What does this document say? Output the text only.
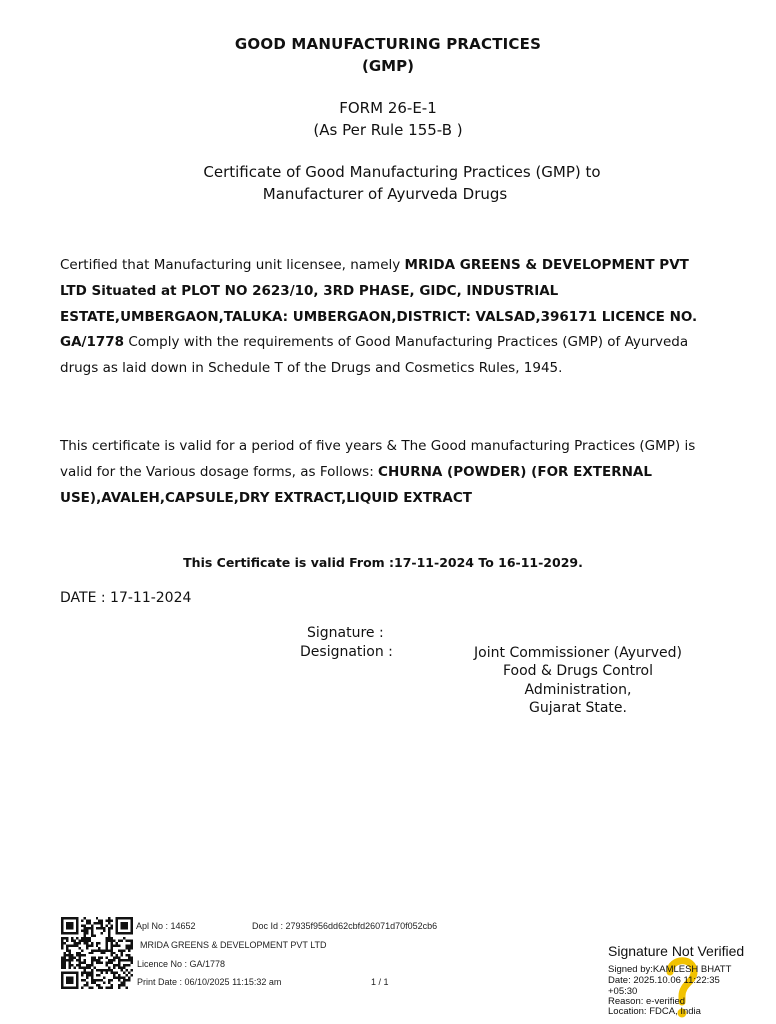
GOOD MANUFACTURING PRACTICES
(GMP)
FORM 26-E-1
(As Per Rule 155-B )
Certificate of Good Manufacturing Practices (GMP) to
Manufacturer of Ayurveda Drugs
Certified that Manufacturing unit licensee, namely MRIDA GREENS & DEVELOPMENT PVT LTD Situated at PLOT NO 2623/10, 3RD PHASE, GIDC, INDUSTRIAL ESTATE,UMBERGAON,TALUKA: UMBERGAON,DISTRICT: VALSAD,396171 LICENCE NO. GA/1778 Comply with the requirements of Good Manufacturing Practices (GMP) of Ayurveda drugs as laid down in Schedule T of the Drugs and Cosmetics Rules, 1945.
This certificate is valid for a period of five years & The Good manufacturing Practices (GMP) is valid for the Various dosage forms, as Follows: CHURNA (POWDER) (FOR EXTERNAL USE),AVALEH,CAPSULE,DRY EXTRACT,LIQUID EXTRACT
This Certificate is valid From :17-11-2024 To 16-11-2029.
DATE : 17-11-2024
Signature :
Designation :	Joint Commissioner (Ayurved)
Food & Drugs Control
Administration,
Gujarat State.
Apl No : 14652	Doc Id : 27935f956dd62cbfd26071d70f052cb6
MRIDA GREENS & DEVELOPMENT PVT LTD
Licence No : GA/1778
Print Date : 06/10/2025 11:15:32 am	1 / 1
Signature Not Verified
Signed by:KAMLESH BHATT
Date: 2025.10.06 11:22:35
+05:30
Reason: e-verified
Location: FDCA, India
